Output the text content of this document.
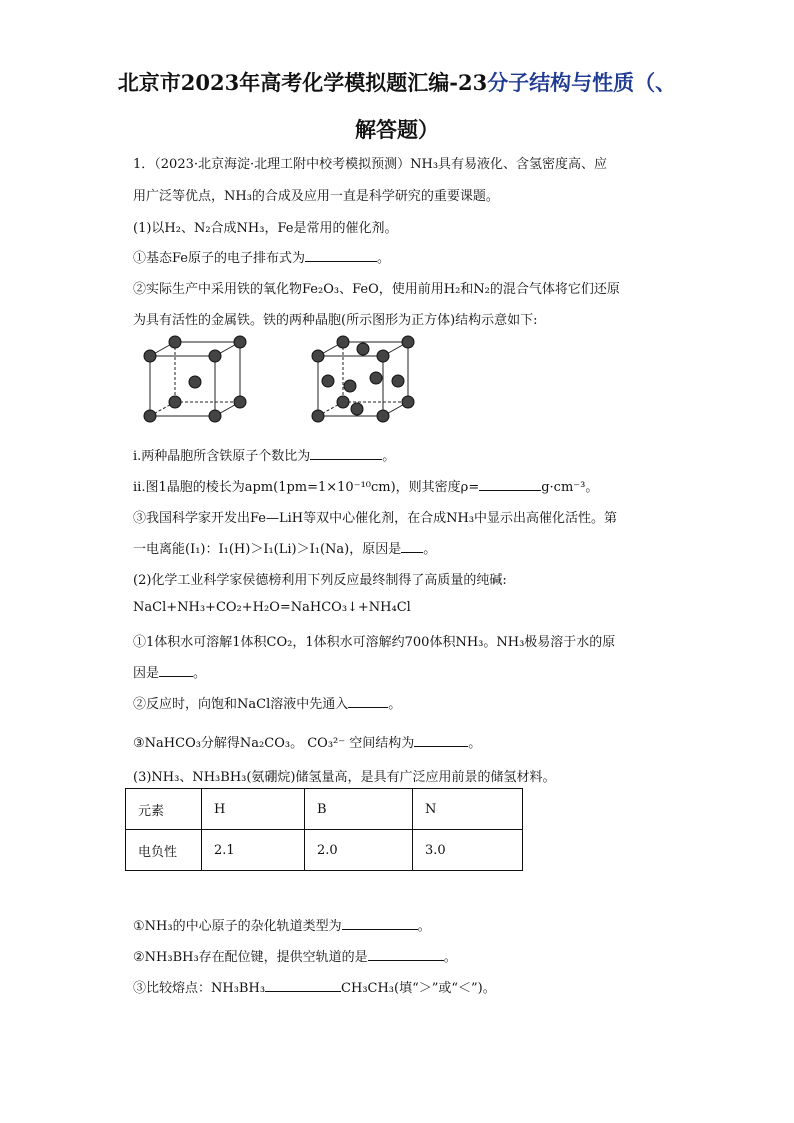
北京市2023年高考化学模拟题汇编-23分子结构与性质（、
解答题）
1．（2023·北京海淀·北理工附中校考模拟预测）NH₃具有易液化、含氢密度高、应
用广泛等优点，NH₃的合成及应用一直是科学研究的重要课题。
(1)以H₂、N₂合成NH₃，Fe是常用的催化剂。
①基态Fe原子的电子排布式为	。
②实际生产中采用铁的氧化物Fe₂O₃、FeO，使用前用H₂和N₂的混合气体将它们还原
为具有活性的金属铁。铁的两种晶胞(所示图形为正方体)结构示意如下:
i.两种晶胞所含铁原子个数比为	。
ii.图1晶胞的棱长为apm(1pm=1×10⁻¹⁰cm)，则其密度ρ=	g·cm⁻³。
③我国科学家开发出Fe—LiH等双中心催化剂，在合成NH₃中显示出高催化活性。第
一电离能(I₁)：I₁(H)＞I₁(Li)＞I₁(Na)，原因是 。
(2)化学工业科学家侯德榜利用下列反应最终制得了高质量的纯碱:
NaCl+NH₃+CO₂+H₂O=NaHCO₃↓+NH₄Cl
①1体积水可溶解1体积CO₂，1体积水可溶解约700体积NH₃。NH₃极易溶于水的原
因是	。
②反应时，向饱和NaCl溶液中先通入	。
③NaHCO₃分解得Na₂CO₃。 CO₃²⁻ 空间结构为	。
(3)NH₃、NH₃BH₃(氨硼烷)储氢量高，是具有广泛应用前景的储氢材料。
元素	H	B	N
电负性	2.1	2.0	3.0
①NH₃的中心原子的杂化轨道类型为	。
②NH₃BH₃存在配位键，提供空轨道的是	。
③比较熔点：NH₃BH₃	CH₃CH₃(填“＞”或“＜”)。
